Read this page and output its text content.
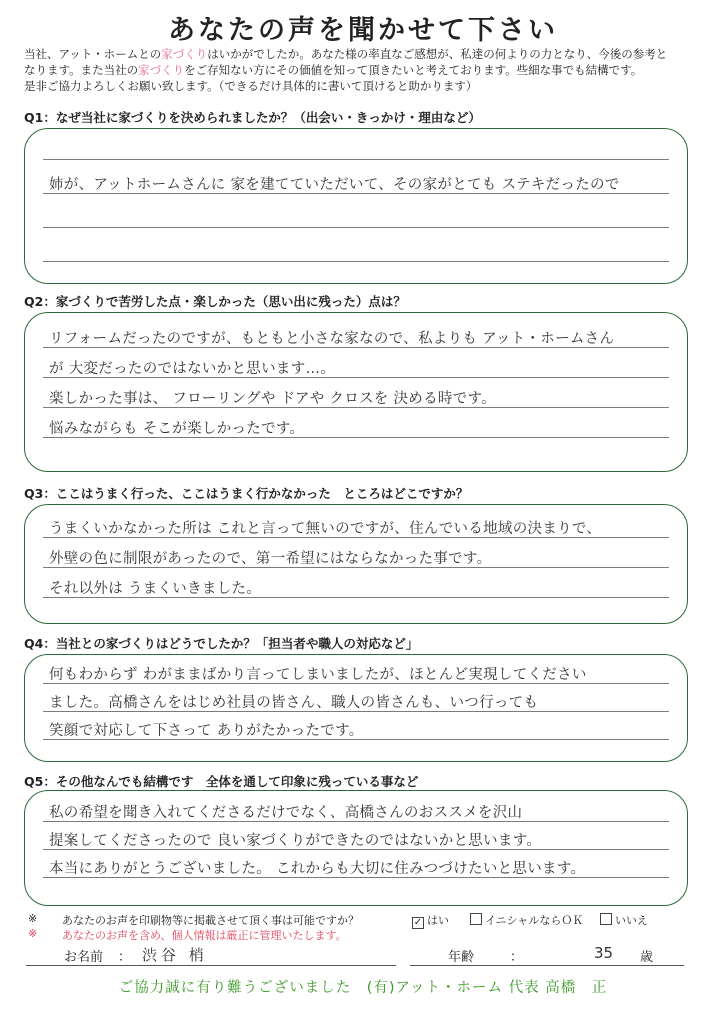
あなたの声を聞かせて下さい
当社、アット・ホームとの家づくりはいかがでしたか。あなた様の率直なご感想が、私達の何よりの力となり、今後の参考と
なります。また当社の家づくりをご存知ない方にその価値を知って頂きたいと考えております。些細な事でも結構です。
是非ご協力よろしくお願い致します。（できるだけ具体的に書いて頂けると助かります）
Q1：なぜ当社に家づくりを決められましたか？（出会い・きっかけ・理由など）
姉が、アットホームさんに 家を建てていただいて、その家がとても ステキだったので
Q2：家づくりで苦労した点・楽しかった（思い出に残った）点は？
リフォームだったのですが、もともと小さな家なので、私よりも アット・ホームさん
が 大変だったのではないかと思います…。
楽しかった事は、 フローリングや ドアや クロスを 決める時です。
悩みながらも そこが楽しかったです。
Q3：ここはうまく行った、ここはうまく行かなかった　ところはどこですか？
うまくいかなかった所は これと言って無いのですが、住んでいる地域の決まりで、
外壁の色に制限があったので、第一希望にはならなかった事です。
それ以外は うまくいきました。
Q4：当社との家づくりはどうでしたか？「担当者や職人の対応など」
何もわからず わがままばかり言ってしまいましたが、ほとんど実現してください
ました。高橋さんをはじめ社員の皆さん、職人の皆さんも、いつ行っても
笑顔で対応して下さって ありがたかったです。
Q5：その他なんでも結構です　全体を通して印象に残っている事など
私の希望を聞き入れてくださるだけでなく、高橋さんのおススメを沢山
提案してくださったので 良い家づくりができたのではないかと思います。
本当にありがとうございました。 これからも大切に住みつづけたいと思います。
※ あなたのお声を印刷物等に掲載させて頂く事は可能ですか？	✓ はい	イニシャルならＯＫ	いいえ
※ あなたのお声を含め、個人情報は厳正に管理いたします。
お名前 ： 渋谷 梢	年齢	：	35 歳
ご協力誠に有り難うございました　(有)アット・ホーム 代表 高橋　正
